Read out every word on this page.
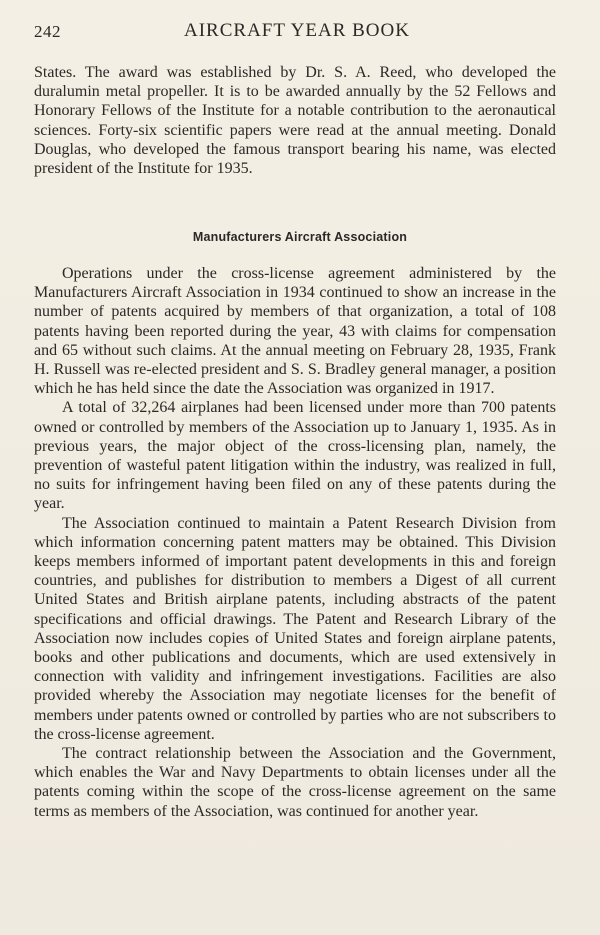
242	AIRCRAFT YEAR BOOK

States. The award was established by Dr. S. A. Reed, who developed the duralumin metal propeller. It is to be awarded annually by the 52 Fellows and Honorary Fellows of the Institute for a notable contribution to the aeronautical sciences. Forty-six scientific papers were read at the annual meeting. Donald Douglas, who developed the famous transport bearing his name, was elected president of the Institute for 1935.

Manufacturers Aircraft Association

Operations under the cross-license agreement administered by the Manufacturers Aircraft Association in 1934 continued to show an increase in the number of patents acquired by members of that organization, a total of 108 patents having been reported during the year, 43 with claims for compensation and 65 without such claims. At the annual meeting on February 28, 1935, Frank H. Russell was re-elected president and S. S. Bradley general manager, a position which he has held since the date the Association was organized in 1917.

A total of 32,264 airplanes had been licensed under more than 700 patents owned or controlled by members of the Association up to January 1, 1935. As in previous years, the major object of the cross-licensing plan, namely, the prevention of wasteful patent litigation within the industry, was realized in full, no suits for infringement having been filed on any of these patents during the year.

The Association continued to maintain a Patent Research Division from which information concerning patent matters may be obtained. This Division keeps members informed of important patent developments in this and foreign countries, and publishes for distribution to members a Digest of all current United States and British airplane patents, including abstracts of the patent specifications and official drawings. The Patent and Research Library of the Association now includes copies of United States and foreign airplane patents, books and other publications and documents, which are used extensively in connection with validity and infringement investigations. Facilities are also provided whereby the Association may negotiate licenses for the benefit of members under patents owned or controlled by parties who are not subscribers to the cross-license agreement.

The contract relationship between the Association and the Government, which enables the War and Navy Departments to obtain licenses under all the patents coming within the scope of the cross-license agreement on the same terms as members of the Association, was continued for another year.
